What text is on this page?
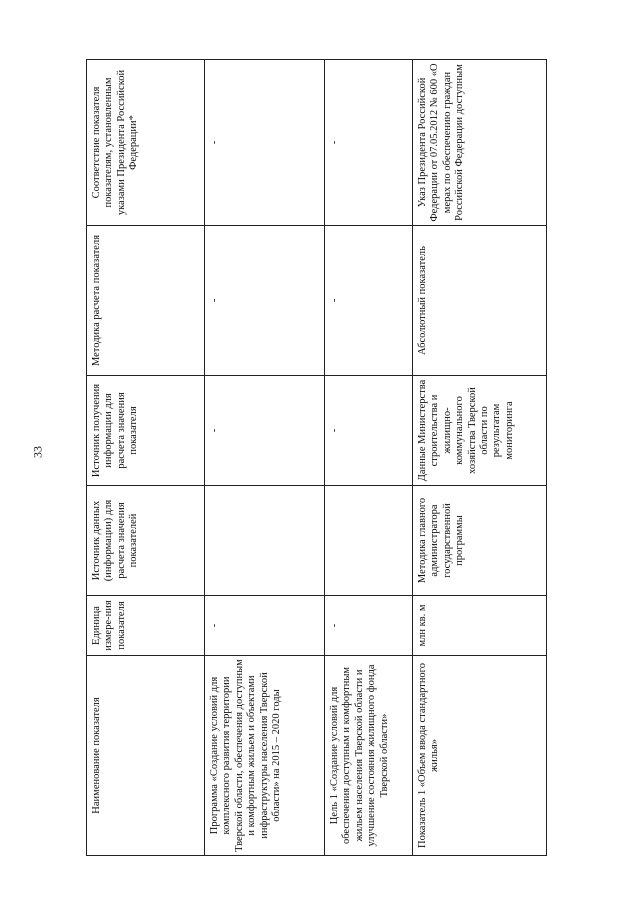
33
Наименование показателя	Единица измере-ния показателя	Источник данных (информации) для расчета значения показателей	Источник получения информации для расчета значения показателя	Методика расчета показателя	Соответствие показателя показателям, установленным указами Президента Российской Федерации*
Программа «Создание условий для комплексного развития территории Тверской области, обеспечения доступным и комфортным жильем и объектами инфраструктуры населения Тверской области» на 2015 – 2020 годы	-		-	-	-
Цель 1 «Создание условий для обеспечения доступным и комфортным жильем населения Тверской области и улучшение состояния жилищного фонда Тверской области»	-		-	-	-
Показатель 1 «Объем ввода стандартного жилья»	млн кв. м	Методика главного администратора государственной программы	Данные Министерства строительства и жилищно-коммунального хозяйства Тверской области по результатам мониторинга	Абсолютный показатель	Указ Президента Российской Федерации от 07.05.2012 № 600 «О мерах по обеспечению граждан Российской Федерации доступным
